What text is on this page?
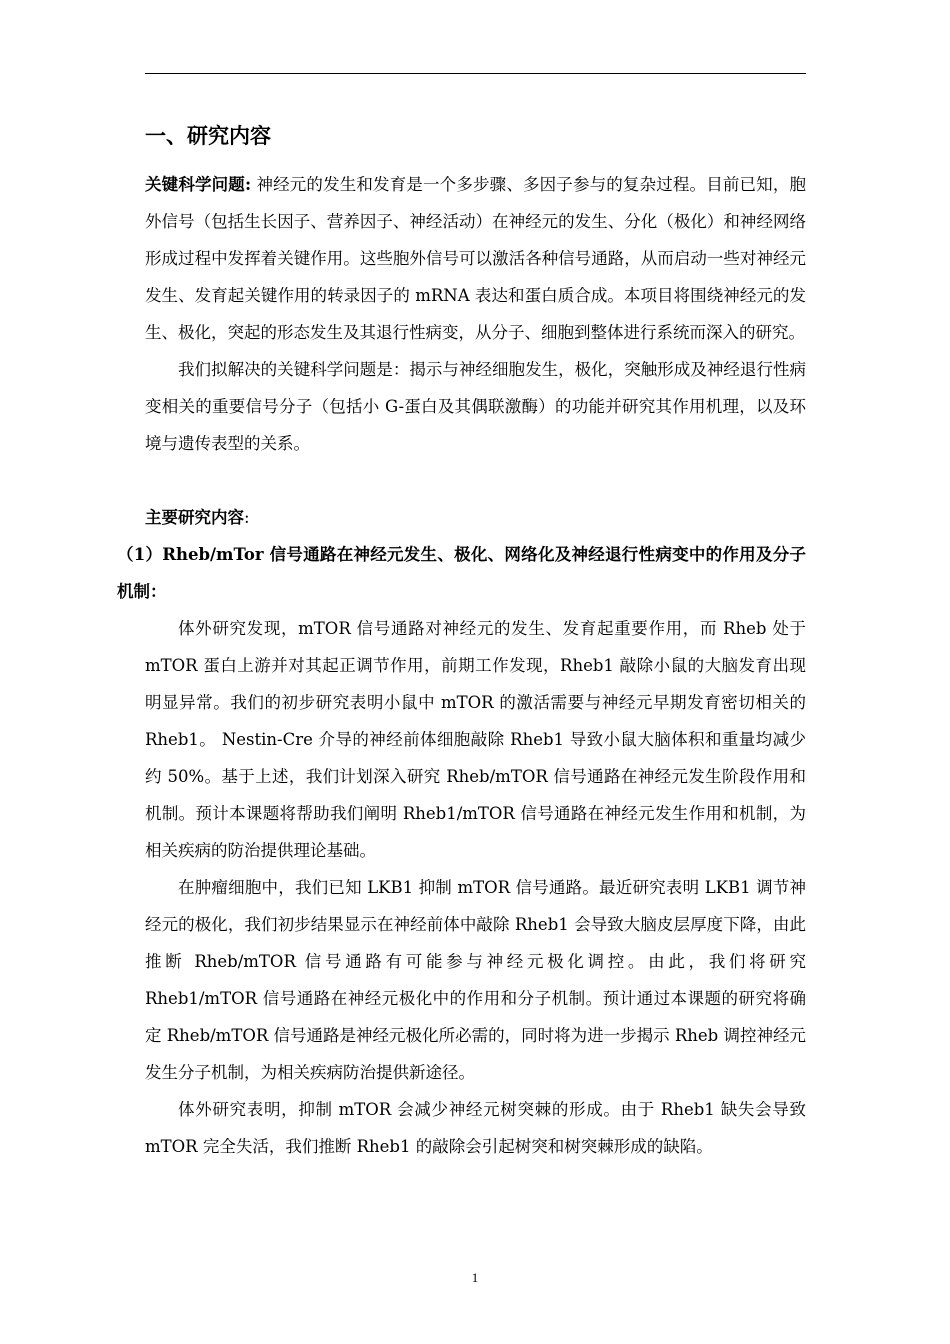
一、研究内容

关键科学问题: 神经元的发生和发育是一个多步骤、多因子参与的复杂过程。目前已知，胞外信号（包括生长因子、营养因子、神经活动）在神经元的发生、分化（极化）和神经网络形成过程中发挥着关键作用。这些胞外信号可以激活各种信号通路，从而启动一些对神经元发生、发育起关键作用的转录因子的 mRNA 表达和蛋白质合成。本项目将围绕神经元的发生、极化，突起的形态发生及其退行性病变，从分子、细胞到整体进行系统而深入的研究。

我们拟解决的关键科学问题是：揭示与神经细胞发生，极化，突触形成及神经退行性病变相关的重要信号分子（包括小 G-蛋白及其偶联激酶）的功能并研究其作用机理，以及环境与遗传表型的关系。

主要研究内容:

（1）Rheb/mTor 信号通路在神经元发生、极化、网络化及神经退行性病变中的作用及分子机制：

体外研究发现，mTOR 信号通路对神经元的发生、发育起重要作用，而 Rheb 处于 mTOR 蛋白上游并对其起正调节作用，前期工作发现，Rheb1 敲除小鼠的大脑发育出现明显异常。我们的初步研究表明小鼠中 mTOR 的激活需要与神经元早期发育密切相关的 Rheb1。 Nestin-Cre 介导的神经前体细胞敲除 Rheb1 导致小鼠大脑体积和重量均减少约 50%。基于上述，我们计划深入研究 Rheb/mTOR 信号通路在神经元发生阶段作用和机制。预计本课题将帮助我们阐明 Rheb1/mTOR 信号通路在神经元发生作用和机制，为相关疾病的防治提供理论基础。

在肿瘤细胞中，我们已知 LKB1 抑制 mTOR 信号通路。最近研究表明 LKB1 调节神经元的极化，我们初步结果显示在神经前体中敲除 Rheb1 会导致大脑皮层厚度下降，由此推断 Rheb/mTOR 信号通路有可能参与神经元极化调控。由此，我们将研究 Rheb1/mTOR 信号通路在神经元极化中的作用和分子机制。预计通过本课题的研究将确定 Rheb/mTOR 信号通路是神经元极化所必需的，同时将为进一步揭示 Rheb 调控神经元发生分子机制，为相关疾病防治提供新途径。

体外研究表明，抑制 mTOR 会减少神经元树突棘的形成。由于 Rheb1 缺失会导致 mTOR 完全失活，我们推断 Rheb1 的敲除会引起树突和树突棘形成的缺陷。

1
